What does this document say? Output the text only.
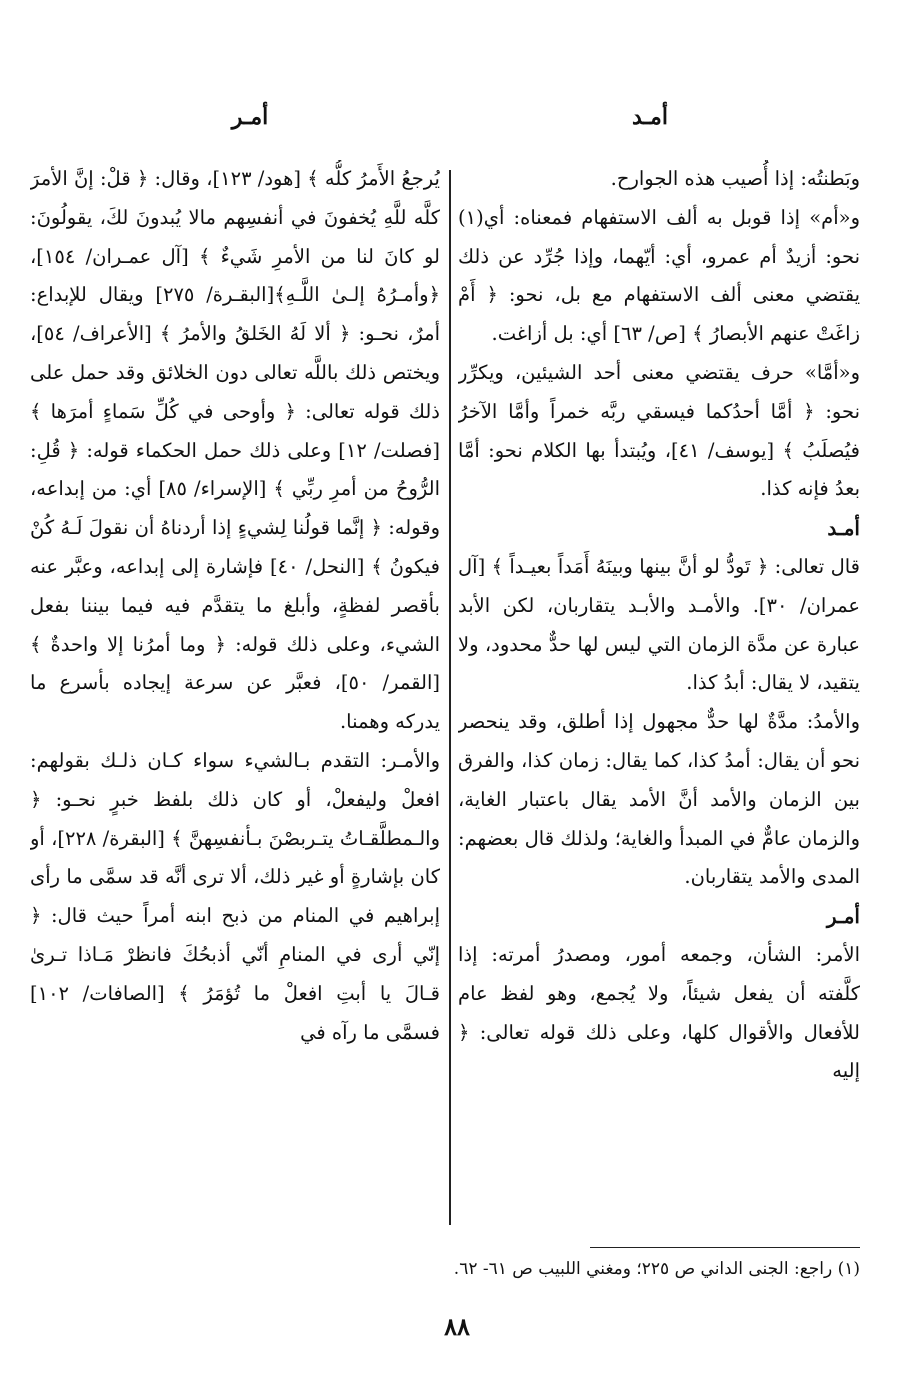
أمـد
أمـر

وبَطنتُه: إذا أُصيب هذه الجوارح.

و«أم» إذا قوبل به ألف الاستفهام فمعناه: أي(١) نحو: أزيدٌ أم عمرو، أي: أيّهما، وإذا جُرِّد عن ذلك يقتضي معنى ألف الاستفهام مع بل، نحو: ﴿ أَمْ زاغَتْ عنهم الأبصارُ ﴾ [ص/ ٦٣] أي: بل أزاغت.

و«أمَّا» حرف يقتضي معنى أحد الشيئين، ويكرِّر نحو: ﴿ أمَّا أحدُكما فيسقي ربَّه خمراً وأمَّا الآخرُ فيُصلَبُ ﴾ [يوسف/ ٤١]، ويُبتدأ بها الكلام نحو: أمَّا بعدُ فإنه كذا.

أمـد

قال تعالى: ﴿ تَودُّ لو أنَّ بينها وبينَهُ أَمَداً بعيـداً ﴾ [آل عمران/ ٣٠]. والأمـد والأبـد يتقاربان، لكن الأبد عبارة عن مدَّة الزمان التي ليس لها حدٌّ محدود، ولا يتقيد، لا يقال: أبدُ كذا.

والأمدُ: مدَّةٌ لها حدٌّ مجهول إذا أطلق، وقد ينحصر نحو أن يقال: أمدُ كذا، كما يقال: زمان كذا، والفرق بين الزمان والأمد أنَّ الأمد يقال باعتبار الغاية، والزمان عامٌّ في المبدأ والغاية؛ ولذلك قال بعضهم: المدى والأمد يتقاربان.

أمـر

الأمر: الشأن، وجمعه أمور، ومصدرُ أمرته: إذا كلَّفته أن يفعل شيئاً، ولا يُجمع، وهو لفظ عام للأفعال والأقوال كلها، وعلى ذلك قوله تعالى: ﴿ إليه

يُرجعُ الأَمرُ كلُّه ﴾ [هود/ ١٢٣]، وقال: ﴿ قلْ: إنَّ الأمرَ كلَّه للَّهِ يُخفونَ في أنفسِهم مالا يُبدونَ لكَ، يقولُونَ: لو كانَ لنا من الأمرِ شَيءٌ ﴾ [آل عمـران/ ١٥٤]، ﴿وأمـرُهُ إلـىٰ اللَّـهِ﴾[البقـرة/ ٢٧٥] ويقال للإبداع: أمرٌ، نحـو: ﴿ ألا لَهُ الخَلقُ والأمرُ ﴾ [الأعراف/ ٥٤]، ويختص ذلك باللَّه تعالى دون الخلائق وقد حمل على ذلك قوله تعالى: ﴿ وأوحى في كُلِّ سَماءٍ أمرَها ﴾ [فصلت/ ١٢] وعلى ذلك حمل الحكماء قوله: ﴿ قُلِ: الرُّوحُ من أمرِ ربِّي ﴾ [الإسراء/ ٨٥] أي: من إبداعه، وقوله: ﴿ إنَّما قولُنا لِشيءٍ إذا أردناهُ أن نقولَ لَـهُ كُنْ فيكونُ ﴾ [النحل/ ٤٠] فإشارة إلى إبداعه، وعبَّر عنه بأقصر لفظةٍ، وأبلغ ما يتقدَّم فيه فيما بيننا بفعل الشيء، وعلى ذلك قوله: ﴿ وما أمرُنا إلا واحدةٌ ﴾ [القمر/ ٥٠]، فعبَّر عن سرعة إيجاده بأسرع ما يدركه وهمنا.

والأمـر: التقدم بـالشيء سواء كـان ذلـك بقولهم: افعلْ وليفعلْ، أو كان ذلك بلفظ خبرٍ نحـو: ﴿ والـمطلَّقـاتُ يتـربصْنَ بـأنفسِهنَّ ﴾ [البقرة/ ٢٢٨]، أو كان بإشارةٍ أو غير ذلك، ألا ترى أنَّه قد سمَّى ما رأى إبراهيم في المنام من ذبح ابنه أمراً حيث قال: ﴿ إنّي أرى في المنامِ أنّي أذبحُكَ فانظرْ مَـاذا تـرىٰ قـالَ يا أبتِ افعلْ ما تُؤمَرُ ﴾ [الصافات/ ١٠٢] فسمَّى ما رآه في

(١) راجع: الجنى الداني ص ٢٢٥؛ ومغني اللبيب ص ٦١- ٦٢.
٨٨
